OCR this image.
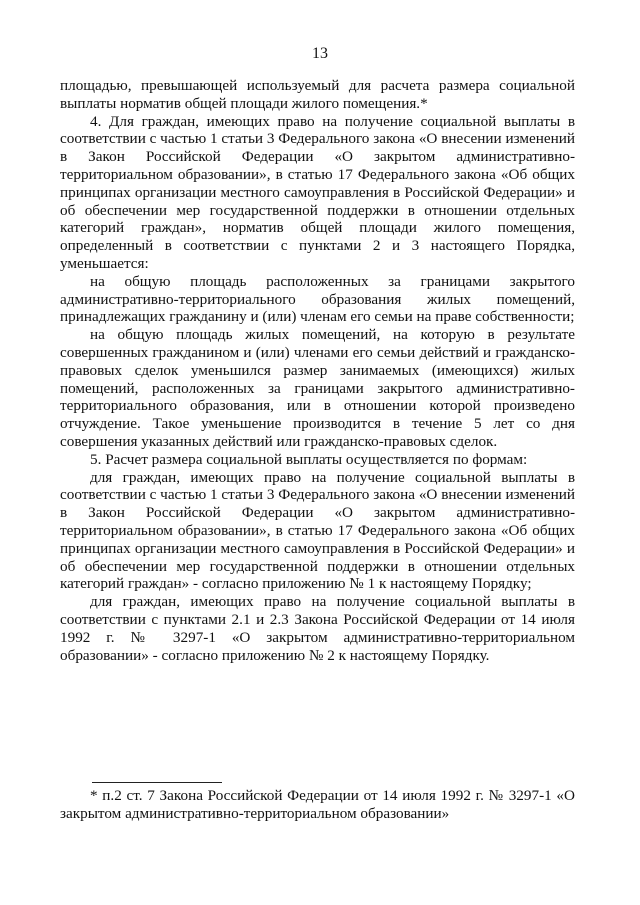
13

площадью, превышающей используемый для расчета размера социальной выплаты норматив общей площади жилого помещения.*

4. Для граждан, имеющих право на получение социальной выплаты в соответствии с частью 1 статьи 3 Федерального закона «О внесении изменений в Закон Российской Федерации «О закрытом административно-территориальном образовании», в статью 17 Федерального закона «Об общих принципах организации местного самоуправления в Российской Федерации» и об обеспечении мер государственной поддержки в отношении отдельных категорий граждан», норматив общей площади жилого помещения, определенный в соответствии с пунктами 2 и 3 настоящего Порядка, уменьшается:

на общую площадь расположенных за границами закрытого административно-территориального образования жилых помещений, принадлежащих гражданину и (или) членам его семьи на праве собственности;

на общую площадь жилых помещений, на которую в результате совершенных гражданином и (или) членами его семьи действий и гражданско-правовых сделок уменьшился размер занимаемых (имеющихся) жилых помещений, расположенных за границами закрытого административно-территориального образования, или в отношении которой произведено отчуждение. Такое уменьшение производится в течение 5 лет со дня совершения указанных действий или гражданско-правовых сделок.

5. Расчет размера социальной выплаты осуществляется по формам:

для граждан, имеющих право на получение социальной выплаты в соответствии с частью 1 статьи 3 Федерального закона «О внесении изменений в Закон Российской Федерации «О закрытом административно-территориальном образовании», в статью 17 Федерального закона «Об общих принципах организации местного самоуправления в Российской Федерации» и об обеспечении мер государственной поддержки в отношении отдельных категорий граждан» - согласно приложению № 1 к настоящему Порядку;

для граждан, имеющих право на получение социальной выплаты в соответствии с пунктами 2.1 и 2.3 Закона Российской Федерации от 14 июля 1992 г. № 3297-1 «О закрытом административно-территориальном образовании» - согласно приложению № 2 к настоящему Порядку.

* п.2 ст. 7 Закона Российской Федерации от 14 июля 1992 г. № 3297-1 «О закрытом административно-территориальном образовании»
